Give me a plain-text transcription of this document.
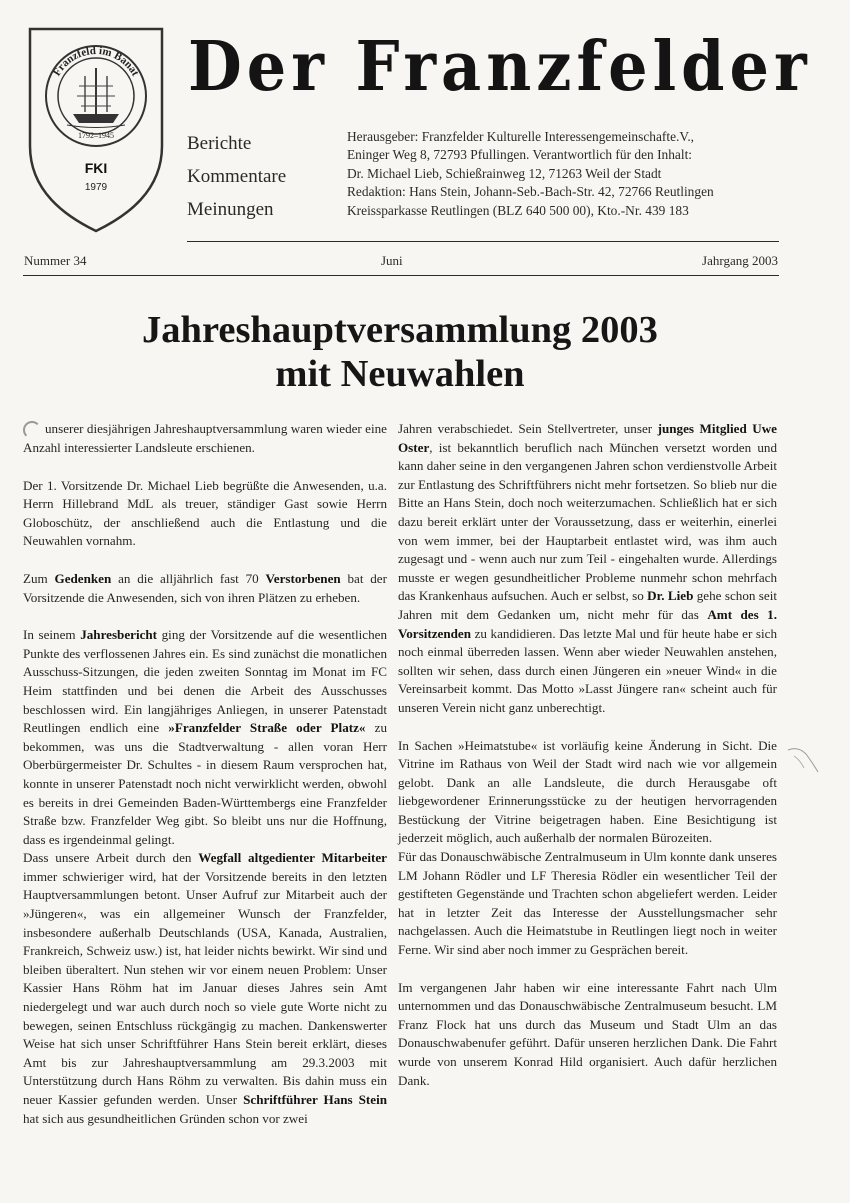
Franzfeld im Banat
1792–1945
FKI
1979
Der Franzfelder
Berichte
Kommentare
Meinungen
Herausgeber: Franzfelder Kulturelle Interessengemeinschafte.V.,
Eninger Weg 8, 72793 Pfullingen. Verantwortlich für den Inhalt:
Dr. Michael Lieb, Schießrainweg 12, 71263 Weil der Stadt
Redaktion: Hans Stein, Johann-Seb.-Bach-Str. 42, 72766 Reutlingen
Kreissparkasse Reutlingen (BLZ 640 500 00), Kto.-Nr. 439 183
Nummer 34	Juni	Jahrgang 2003
Jahreshauptversammlung 2003
mit Neuwahlen

unserer diesjährigen Jahreshauptversammlung waren wieder eine Anzahl interessierter Landsleute erschienen.

Der 1. Vorsitzende Dr. Michael Lieb begrüßte die Anwesenden, u.a. Herrn Hillebrand MdL als treuer, ständiger Gast sowie Herrn Globoschütz, der anschließend auch die Entlastung und die Neuwahlen vornahm.

Zum Gedenken an die alljährlich fast 70 Verstorbenen bat der Vorsitzende die Anwesenden, sich von ihren Plätzen zu erheben.

In seinem Jahresbericht ging der Vorsitzende auf die wesentlichen Punkte des verflossenen Jahres ein. Es sind zunächst die monatlichen Ausschuss-Sitzungen, die jeden zweiten Sonntag im Monat im FC Heim stattfinden und bei denen die Arbeit des Ausschusses beschlossen wird. Ein langjähriges Anliegen, in unserer Patenstadt Reutlingen endlich eine »Franzfelder Straße oder Platz« zu bekommen, was uns die Stadtverwaltung - allen voran Herr Oberbürgermeister Dr. Schultes - in diesem Raum versprochen hat, konnte in unserer Patenstadt noch nicht verwirklicht werden, obwohl es bereits in drei Gemeinden Baden-Württembergs eine Franzfelder Straße bzw. Franzfelder Weg gibt. So bleibt uns nur die Hoffnung, dass es irgendeinmal gelingt.

Dass unsere Arbeit durch den Wegfall altgedienter Mitarbeiter immer schwieriger wird, hat der Vorsitzende bereits in den letzten Hauptversammlungen betont. Unser Aufruf zur Mitarbeit auch der »Jüngeren«, was ein allgemeiner Wunsch der Franzfelder, insbesondere außerhalb Deutschlands (USA, Kanada, Australien, Frankreich, Schweiz usw.) ist, hat leider nichts bewirkt. Wir sind und bleiben überaltert. Nun stehen wir vor einem neuen Problem: Unser Kassier Hans Röhm hat im Januar dieses Jahres sein Amt niedergelegt und war auch durch noch so viele gute Worte nicht zu bewegen, seinen Entschluss rückgängig zu machen. Dankenswerter Weise hat sich unser Schriftführer Hans Stein bereit erklärt, dieses Amt bis zur Jahreshauptversammlung am 29.3.2003 mit Unterstützung durch Hans Röhm zu verwalten. Bis dahin muss ein neuer Kassier gefunden werden. Unser Schriftführer Hans Stein hat sich aus gesundheitlichen Gründen schon vor zwei

Jahren verabschiedet. Sein Stellvertreter, unser junges Mitglied Uwe Oster, ist bekanntlich beruflich nach München versetzt worden und kann daher seine in den vergangenen Jahren schon verdienstvolle Arbeit zur Entlastung des Schriftführers nicht mehr fortsetzen. So blieb nur die Bitte an Hans Stein, doch noch weiterzumachen. Schließlich hat er sich dazu bereit erklärt unter der Voraussetzung, dass er weiterhin, einerlei von wem immer, bei der Hauptarbeit entlastet wird, was ihm auch zugesagt und - wenn auch nur zum Teil - eingehalten wurde. Allerdings musste er wegen gesundheitlicher Probleme nunmehr schon mehrfach das Krankenhaus aufsuchen. Auch er selbst, so Dr. Lieb gehe schon seit Jahren mit dem Gedanken um, nicht mehr für das Amt des 1. Vorsitzenden zu kandidieren. Das letzte Mal und für heute habe er sich noch einmal überreden lassen. Wenn aber wieder Neuwahlen anstehen, sollten wir sehen, dass durch einen Jüngeren ein »neuer Wind« in die Vereinsarbeit kommt. Das Motto »Lasst Jüngere ran« scheint auch für unseren Verein nicht ganz unberechtigt.

In Sachen »Heimatstube« ist vorläufig keine Änderung in Sicht. Die Vitrine im Rathaus von Weil der Stadt wird nach wie vor allgemein gelobt. Dank an alle Landsleute, die durch Herausgabe oft liebgewordener Erinnerungsstücke zu der heutigen hervorragenden Bestückung der Vitrine beigetragen haben. Eine Besichtigung ist jederzeit möglich, auch außerhalb der normalen Bürozeiten.

Für das Donauschwäbische Zentralmuseum in Ulm konnte dank unseres LM Johann Rödler und LF Theresia Rödler ein wesentlicher Teil der gestifteten Gegenstände und Trachten schon abgeliefert werden. Leider hat in letzter Zeit das Interesse der Ausstellungsmacher sehr nachgelassen. Auch die Heimatstube in Reutlingen liegt noch in weiter Ferne. Wir sind aber noch immer zu Gesprächen bereit.

Im vergangenen Jahr haben wir eine interessante Fahrt nach Ulm unternommen und das Donauschwäbische Zentralmuseum besucht. LM Franz Flock hat uns durch das Museum und Stadt Ulm an das Donauschwabenufer geführt. Dafür unseren herzlichen Dank. Die Fahrt wurde von unserem Konrad Hild organisiert. Auch dafür herzlichen Dank.
